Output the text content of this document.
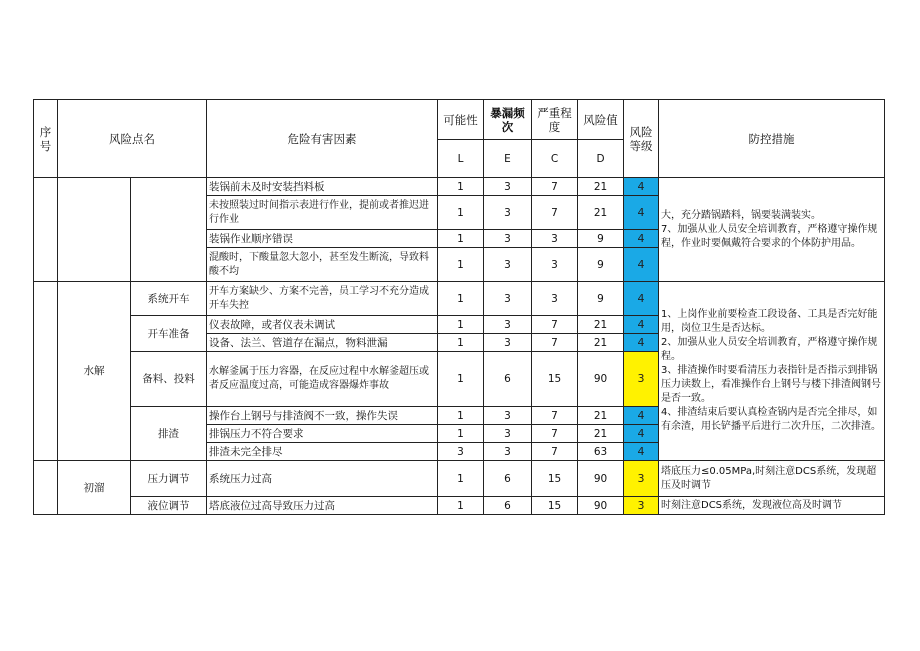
序号	风险点名		危险有害因素	可能性	暴漏频次	严重程度	风险值	风险等级	防控措施
				L	E	C	D		
			装锅前未及时安装挡料板	1	3	7	21	4	大，充分踏锅踏料，锅要装满装实。
7、加强从业人员安全培训教育，严格遵守操作规程，作业时要佩戴符合要求的个体防护用品。
			未按照装过时间指示表进行作业，提前或者推迟进行作业	1	3	7	21	4	
			装锅作业顺序错误	1	3	3	9	4	
			混酸时，下酸量忽大忽小，甚至发生断流，导致料酸不均	1	3	3	9	4	
	水解	系统开车	开车方案缺少、方案不完善，员工学习不充分造成开车失控	1	3	3	9	4	1、上岗作业前要检查工段设备、工具是否完好能用，岗位卫生是否达标。
2、加强从业人员安全培训教育，严格遵守操作规程。
3、排渣操作时要看清压力表指针是否指示到排锅压力读数上，看准操作台上钢号与楼下排渣阀钢号是否一致。
4、排渣结束后要认真检查锅内是否完全排尽，如有余渣，用长铲播平后进行二次升压，二次排渣。
		开车准备	仪表故障，或者仪表未调试	1	3	7	21	4	
			设备、法兰、管道存在漏点，物料泄漏	1	3	7	21	4	
		备料、投料	水解釜属于压力容器，在反应过程中水解釜超压或者反应温度过高，可能造成容器爆炸事故	1	6	15	90	3	
		排渣	操作台上钢号与排渣阀不一致，操作失误	1	3	7	21	4	
			排锅压力不符合要求	1	3	7	21	4	
			排渣未完全排尽	3	3	7	63	4	
	初溜	压力调节	系统压力过高	1	6	15	90	3	塔底压力≤0.05MPa,时刻注意DCS系统，发现超压及时调节
		液位调节	塔底液位过高导致压力过高	1	6	15	90	3	时刻注意DCS系统，发现液位高及时调节
